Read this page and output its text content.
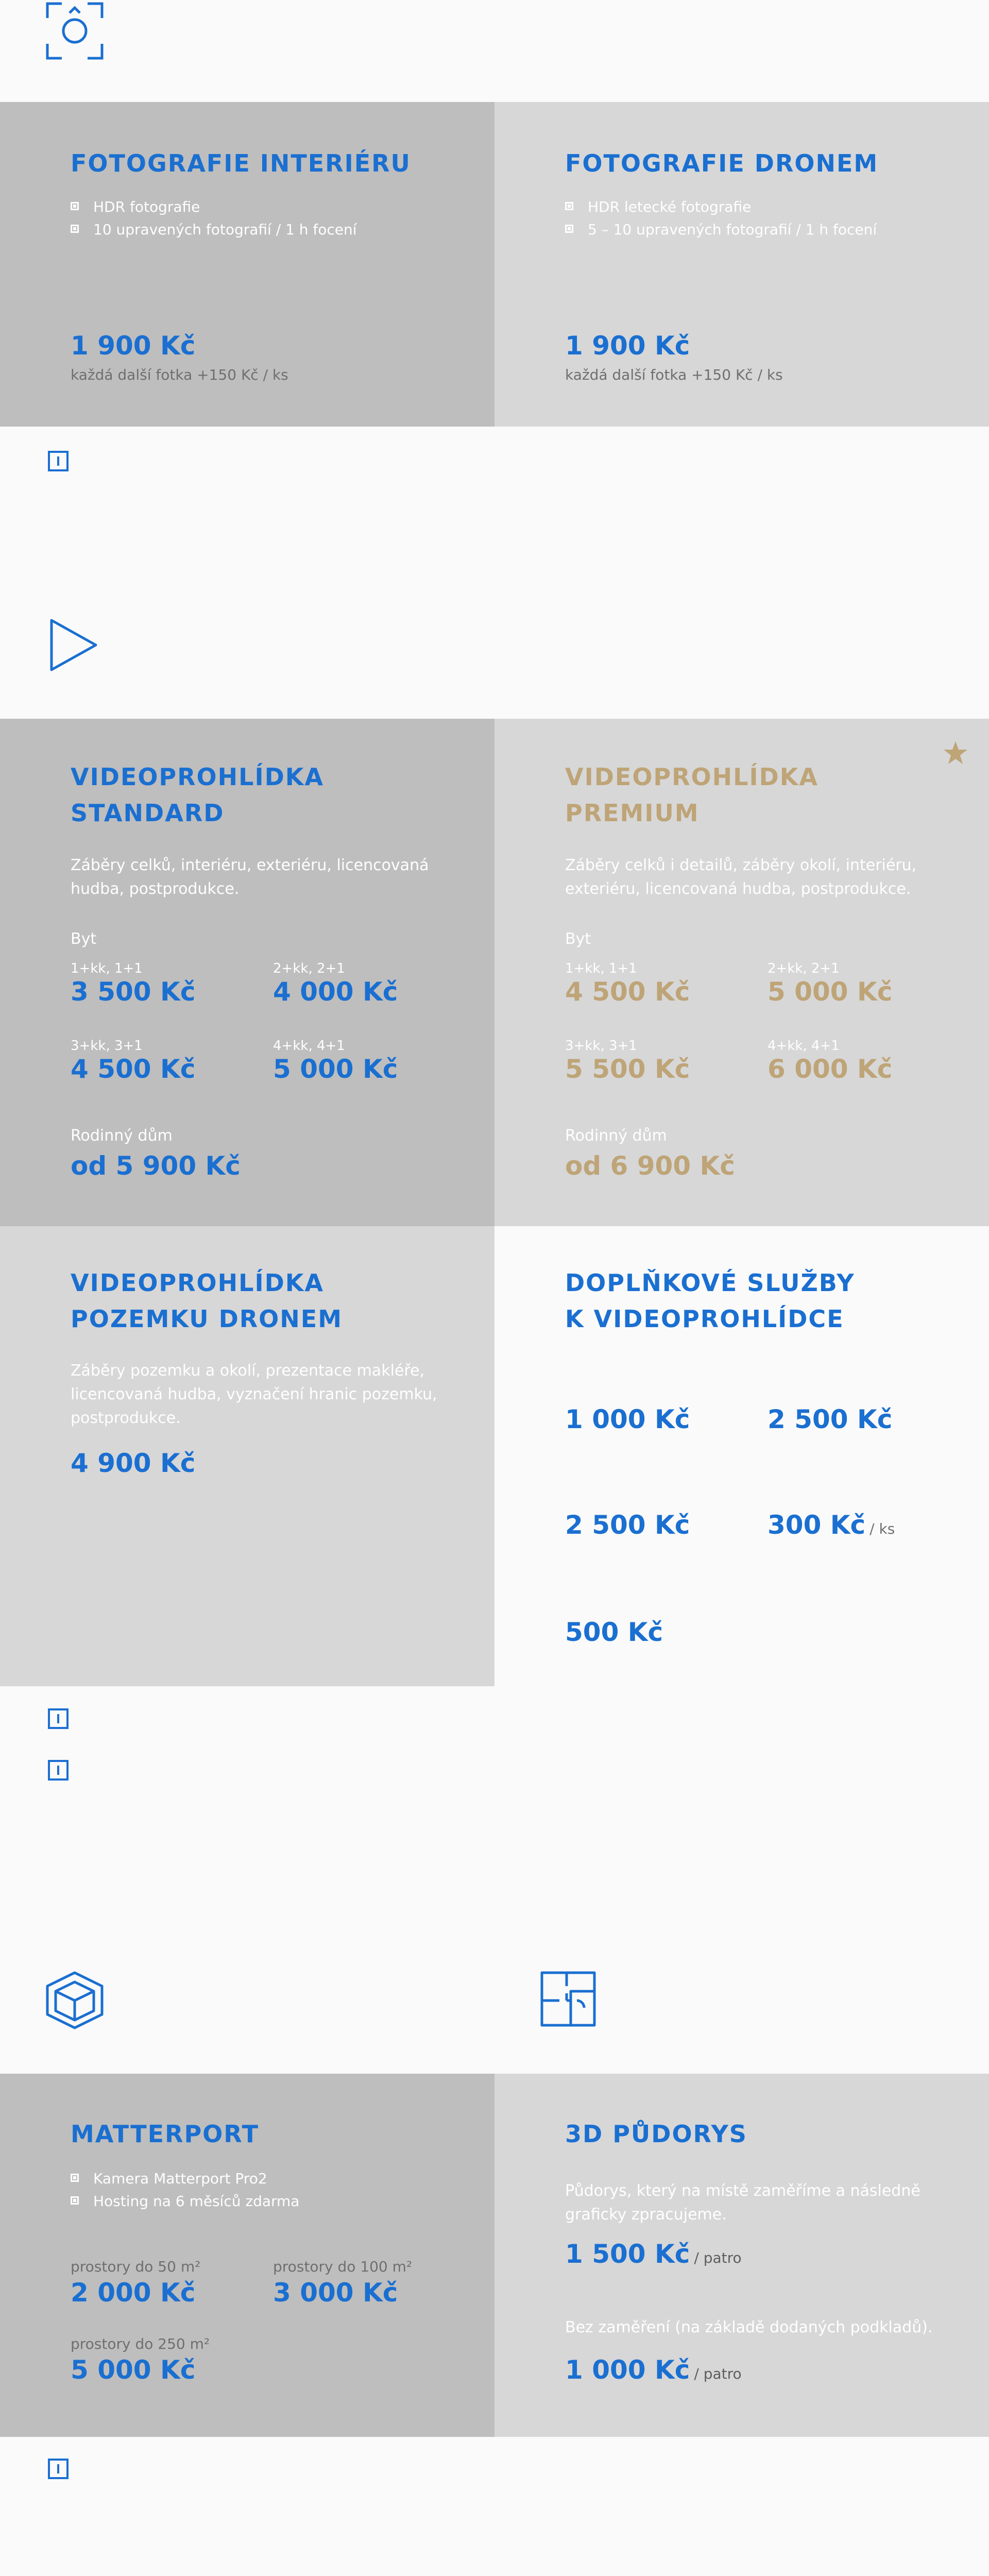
FOTOGRAFIE INTERIÉRU
HDR fotografie
10 upravených fotografií / 1 h focení
1 900 Kč
každá další fotka +150 Kč / ks
FOTOGRAFIE DRONEM
HDR letecké fotografie
5 – 10 upravených fotografií / 1 h focení
1 900 Kč
každá další fotka +150 Kč / ks
VIDEOPROHLÍDKA
STANDARD
Záběry celků, interiéru, exteriéru, licencovaná
hudba, postprodukce.
Byt
1+kk, 1+1
3 500 Kč
2+kk, 2+1
4 000 Kč
3+kk, 3+1
4 500 Kč
4+kk, 4+1
5 000 Kč
Rodinný dům
od 5 900 Kč
VIDEOPROHLÍDKA
PREMIUM
Záběry celků i detailů, záběry okolí, interiéru,
exteriéru, licencovaná hudba, postprodukce.
Byt
1+kk, 1+1
4 500 Kč
2+kk, 2+1
5 000 Kč
3+kk, 3+1
5 500 Kč
4+kk, 4+1
6 000 Kč
Rodinný dům
od 6 900 Kč
VIDEOPROHLÍDKA
POZEMKU DRONEM
Záběry pozemku a okolí, prezentace makléře,
licencovaná hudba, vyznačení hranic pozemku,
postprodukce.
4 900 Kč
DOPLŇKOVÉ SLUŽBY
K VIDEOPROHLÍDCE
1 000 Kč	2 500 Kč
2 500 Kč	300 Kč / ks
500 Kč
MATTERPORT
Kamera Matterport Pro2
Hosting na 6 měsíců zdarma
prostory do 50 m²
2 000 Kč
prostory do 100 m²
3 000 Kč
prostory do 250 m²
5 000 Kč
3D PŮDORYS
Půdorys, který na místě zaměříme a následně
graficky zpracujeme.
1 500 Kč / patro
Bez zaměření (na základě dodaných podkladů).
1 000 Kč / patro
